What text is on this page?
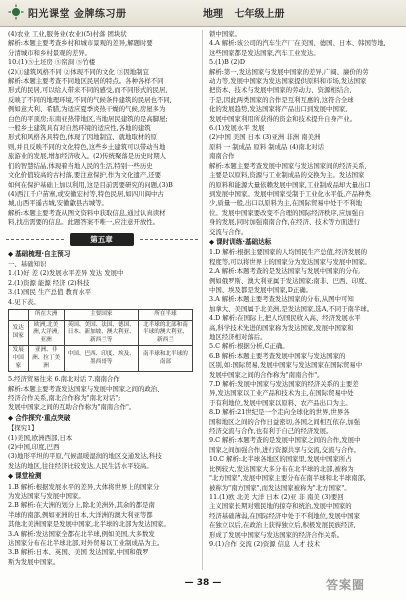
阳光课堂 金牌练习册	地理 七年级上册
(4)农业 工业,服务业(农业)(5)村落 团块状
解析:本题主要考查乡村和城市景观的差异,解题时要
分清城市和乡村景观的差异。
10.(1)⑤土坯房 ⑤窑洞 ⑤竹楼
(2)①建筑风格不同 ②体现不同的文化 ③因地制宜
解析:本题主要考查不同地区民居的特点。各种各样不同
形式的民居,可以给人带来不同的感受,而不同形式的民居,
反映了不同的地理环境,不同的气候条件建筑的民居也不同,
例如意大利、希腊,为适应夏季炎热干燥的气候,房屋多为
白色的平顶房;东南亚热带地区,当地居民建筑的是高脚屋;
一般乡土建筑具有对自然环境的适应性,各地的建筑
形式和风格各具特色,体现了因地制宜、就地取材的原
则,并且反映不同的文化特色,这些乡土建筑可以带动当地
旅游业的发展,增加经济收入。(2)传统聚落是历史时期人
们的智慧结晶,体现着当地人民的生活,特别一些历史
文化价值较高的古村落,要注意保护,作为文化遗产,还要
如何在保护基础上加以利用,这是目前需要研究的问题,(3)B
(4)西江千户苗寨,或安徽宏村等,特色民居,如四川阆中古
城,山西平遥古城,安徽歙县古城等。
解析:本题主要考查从图文资料中获取信息,通过认真读材
料,找出需要的信息。此题答案不唯一,应注意开放性。
第五章
◆ 基础梳理·自主预习
一、基础知识
1.(1)好 差 (2)发展水平差异 发达 发展中
2.(1)资源 能源 经济 (2)科技
3.(1)国民 生产总值 教育水平
4.见下表。
	所在大洲	主要国家	所在半球
发达国家	欧洲,北美洲,大洋洲,亚洲	英国、美国、法国、德国、日本、新加坡、澳大利亚、新西兰等	北半球的北部和南半球的澳大利亚、新西兰
发展中国家	亚洲、非洲、拉丁美洲	中国、巴西、印度、埃及、墨西哥等	南半球和北半球的南部
5.经济贸易往来 6.南北对话 7.南南合作
解析:本题主要考查发达国家与发展中国家之间的政治、
经济合作关系,南北合作称为"南北对话";
发展中国家之间的互助合作称为"南南合作"。
◆ 合作探究·重点突破
【探究1】
(1)美国,欧洲西部,日本
(2)中国,印度,巴西
(3)地形平坦的平原,气候温暖湿润的地区交通发达,科技
发达的地区,往往经济比较发达,人民生活水平较高。
◆ 课堂检测
1.B 解析:根据发展水平的差异,大体将世界上的国家分
为发达国家与发展中国家。
2.B 解析:在大洲的划分上,除北美洲外,其余的都是南
半球的南部,例如亚洲的日本,大洋洲的澳大利亚等都
其他北美洲国家是发展中国家,北半球的北部为发达国家。
3.A 解析:发达国家全都在北半球,例如美国,大多数发
达国家分布在北半球北部,对外贸易以工业制成品为主。
3.B 解析:日本、英国、美国 发达国家,中国和俄罗
斯为发展中国家。
锁中国家。
4.A 解析:该公司的汽车生产厂在美国、德国、日本、韩国等地,
这些国家都是发达国家,汽车工业发达。
5.(1)B (2)D
解析:第一,发达国家与发展中国家的差异,广阔、廉价的劳
动力等,发展中国家为发达国家提供原料和市场,发达国家
把资本、技术与发展中国家的劳动力、资源相结合,
于是,因此两类国家的合作是互利互惠的,这符合全球
化的发展趋势,发达国家将产品出口到发展中国家,
发展中国家利用所获得的资金和技术提升自身产业。
6.(1)发展水平 发展
(2)中国 美国 日本 (3)亚洲 非洲 南美洲
原料 一 制成品 原料 制成品 (4)南北对话
南南合作
解析:本题主要考查发展中国家与发达国家间的经济关系,
主要是以原料,资源与工业制成品的交换为主。发达国家
的原料和能源大量依赖发展中国家,工业制成品却大量出口
到发展中国家。发展中国家受制于工业化水平低,产品种类
少,质量一般,出口以原料为主,在国际贸易中处于不利地
位。发展中国家要改变不合理的国际经济秩序,应加强自
身的发展,同时加强南南合作,在经济、技术等方面进行
交流与合作。
◆ 课时训练·基础达标
1.D 解析:根据主要国家的人均国民生产总值,经济发展的
程度等,可以将世界上的国家分为发达国家与发展中国家。
2.A 解析:本题考查的是发达国家与发展中国家的分布,
例如俄罗斯、澳大利亚属于发达国家;南非、巴西、印度、
中国、埃及都是发展中国家,D正确。
3.A 解析:本题主要考查发达国家的分布,从图中可知
加拿大、美国属于北美洲,是发达国家,选A,不同于南半球。
4.D 解析:在国际上,把人均国民收入高、经济发展水平
高,科学技术先进的国家称为发达国家,发展中国家和
地区经济相对落后。
5.C 解析:根据分析,C正确。
6.B 解析:本题主要考查发展中国家与发达国家的
区别,如:国际贸易,发展中国家与发达国家在国际贸易中
发展中国家之间的合作称为"南南合作"。
7.D 解析:发展中国家与发达国家的经济关系的主要差
异,发达国家以工业产品和技术为主,在国际贸易中处
于有利地位,发展中国家以原料、农产品出口为主。
8.D 解析:21世纪是一个走向全球化的世界,世界各
国和地区之间的合作日益密切,各国之间相互依存,加强
经济交流与合作,也有利于自己的经济发展。
9.C 解析:本题考查的是发展中国家之间的合作,发展中
国家之间加强合作,进行资源共享与交流,交流与合作。
10.C 解析:北半球各地区的国家里,发展中国家所占
比例较大,发达国家大多分布在北半球的北部,被称为
"北方国家",发展中国家主要分布在南半球和北半球南部,
被称为"南方国家",而发达国家被称为"北方国家"。
11.(1)欧 北美 大洋 日本 (2)亚 非 南美 (3)要回
主义国家长期对殖民地的掠夺和统治,发展中国家的
经济基础薄弱,在国际经济中处于不利地位,发展中国家
在独立以后,在政治上获得独立后,积极发展民族经济,
形成了发展中国家与发达国家的经济合作关系。
9.(1)合作 交流 (2)资源 信息 人才 技术
— 38 —	答案圈
